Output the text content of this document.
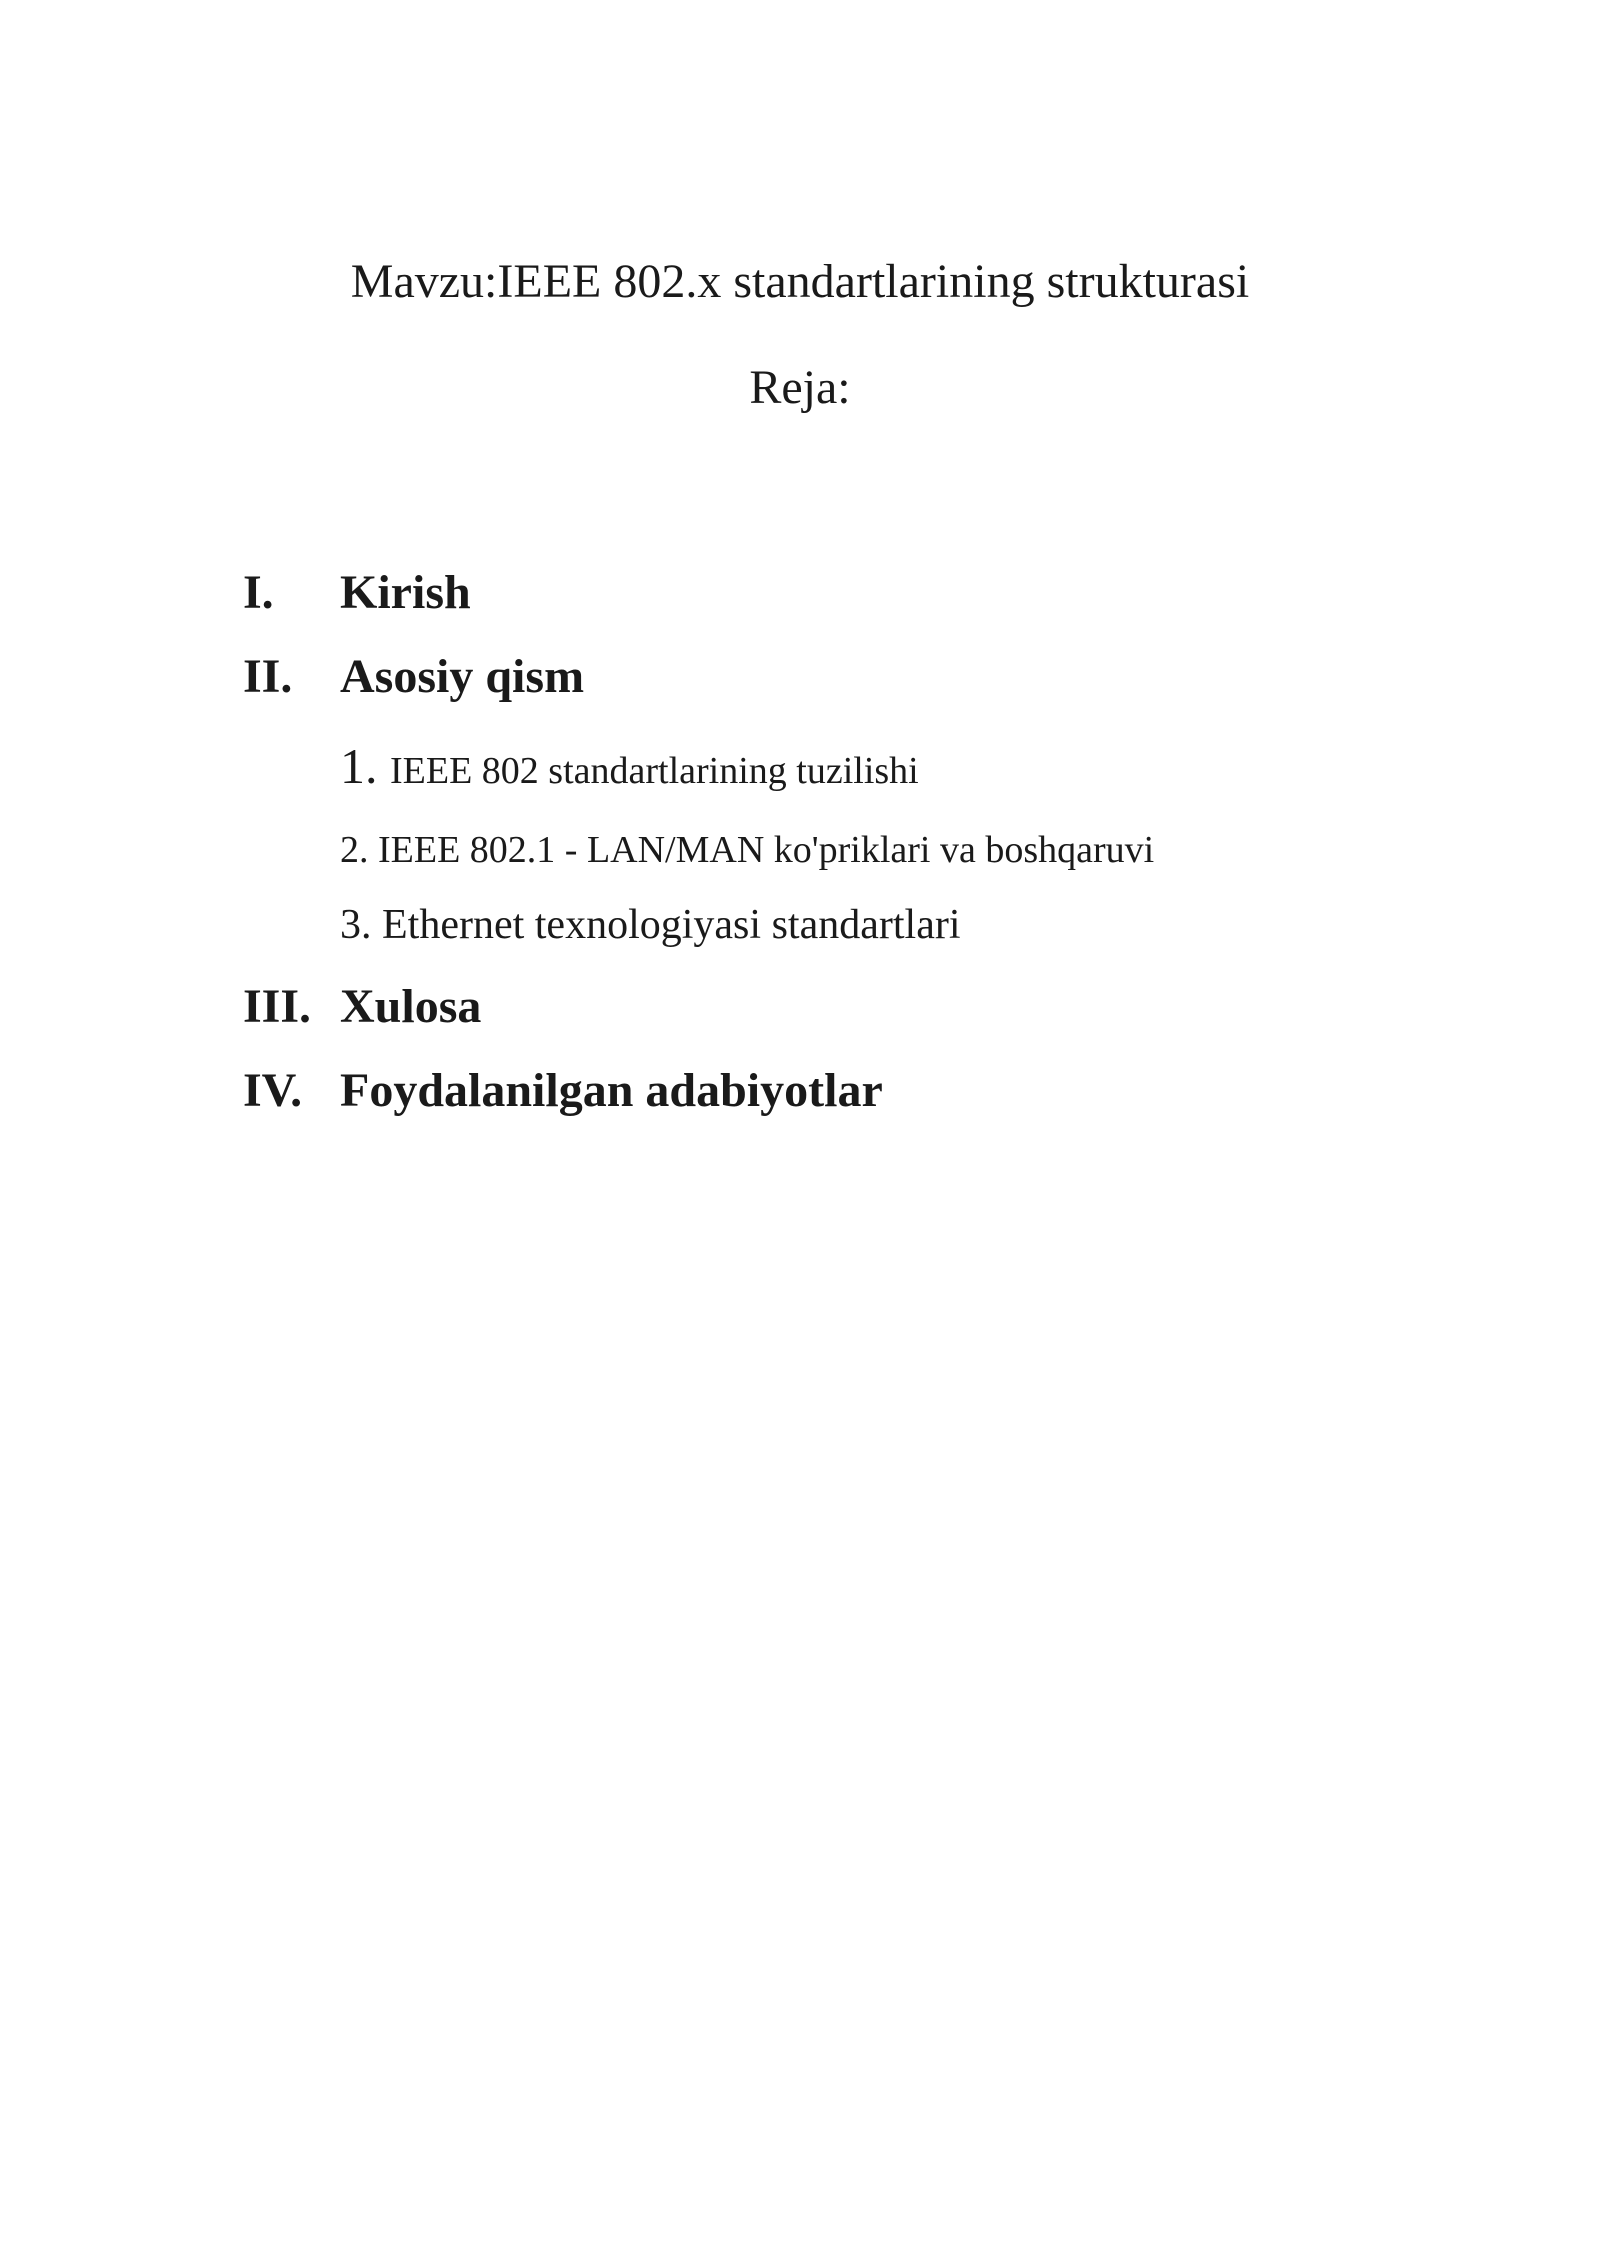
Mavzu:IEEE 802.x standartlarining strukturasi
Reja:
I. Kirish
II. Asosiy qism
1. IEEE 802 standartlarining tuzilishi
2. IEEE 802.1 - LAN/MAN ko'priklari va boshqaruvi
3. Ethernet texnologiyasi standartlari
III. Xulosa
IV. Foydalanilgan adabiyotlar
